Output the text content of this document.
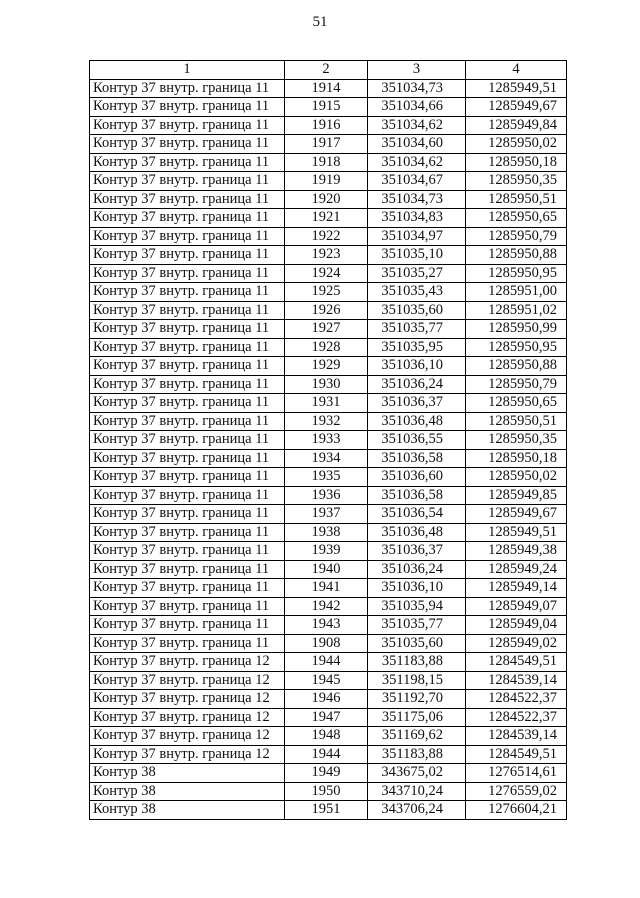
51
1	2	3	4
Контур 37 внутр. граница 11	1914	351034,73	1285949,51
Контур 37 внутр. граница 11	1915	351034,66	1285949,67
Контур 37 внутр. граница 11	1916	351034,62	1285949,84
Контур 37 внутр. граница 11	1917	351034,60	1285950,02
Контур 37 внутр. граница 11	1918	351034,62	1285950,18
Контур 37 внутр. граница 11	1919	351034,67	1285950,35
Контур 37 внутр. граница 11	1920	351034,73	1285950,51
Контур 37 внутр. граница 11	1921	351034,83	1285950,65
Контур 37 внутр. граница 11	1922	351034,97	1285950,79
Контур 37 внутр. граница 11	1923	351035,10	1285950,88
Контур 37 внутр. граница 11	1924	351035,27	1285950,95
Контур 37 внутр. граница 11	1925	351035,43	1285951,00
Контур 37 внутр. граница 11	1926	351035,60	1285951,02
Контур 37 внутр. граница 11	1927	351035,77	1285950,99
Контур 37 внутр. граница 11	1928	351035,95	1285950,95
Контур 37 внутр. граница 11	1929	351036,10	1285950,88
Контур 37 внутр. граница 11	1930	351036,24	1285950,79
Контур 37 внутр. граница 11	1931	351036,37	1285950,65
Контур 37 внутр. граница 11	1932	351036,48	1285950,51
Контур 37 внутр. граница 11	1933	351036,55	1285950,35
Контур 37 внутр. граница 11	1934	351036,58	1285950,18
Контур 37 внутр. граница 11	1935	351036,60	1285950,02
Контур 37 внутр. граница 11	1936	351036,58	1285949,85
Контур 37 внутр. граница 11	1937	351036,54	1285949,67
Контур 37 внутр. граница 11	1938	351036,48	1285949,51
Контур 37 внутр. граница 11	1939	351036,37	1285949,38
Контур 37 внутр. граница 11	1940	351036,24	1285949,24
Контур 37 внутр. граница 11	1941	351036,10	1285949,14
Контур 37 внутр. граница 11	1942	351035,94	1285949,07
Контур 37 внутр. граница 11	1943	351035,77	1285949,04
Контур 37 внутр. граница 11	1908	351035,60	1285949,02
Контур 37 внутр. граница 12	1944	351183,88	1284549,51
Контур 37 внутр. граница 12	1945	351198,15	1284539,14
Контур 37 внутр. граница 12	1946	351192,70	1284522,37
Контур 37 внутр. граница 12	1947	351175,06	1284522,37
Контур 37 внутр. граница 12	1948	351169,62	1284539,14
Контур 37 внутр. граница 12	1944	351183,88	1284549,51
Контур 38	1949	343675,02	1276514,61
Контур 38	1950	343710,24	1276559,02
Контур 38	1951	343706,24	1276604,21
